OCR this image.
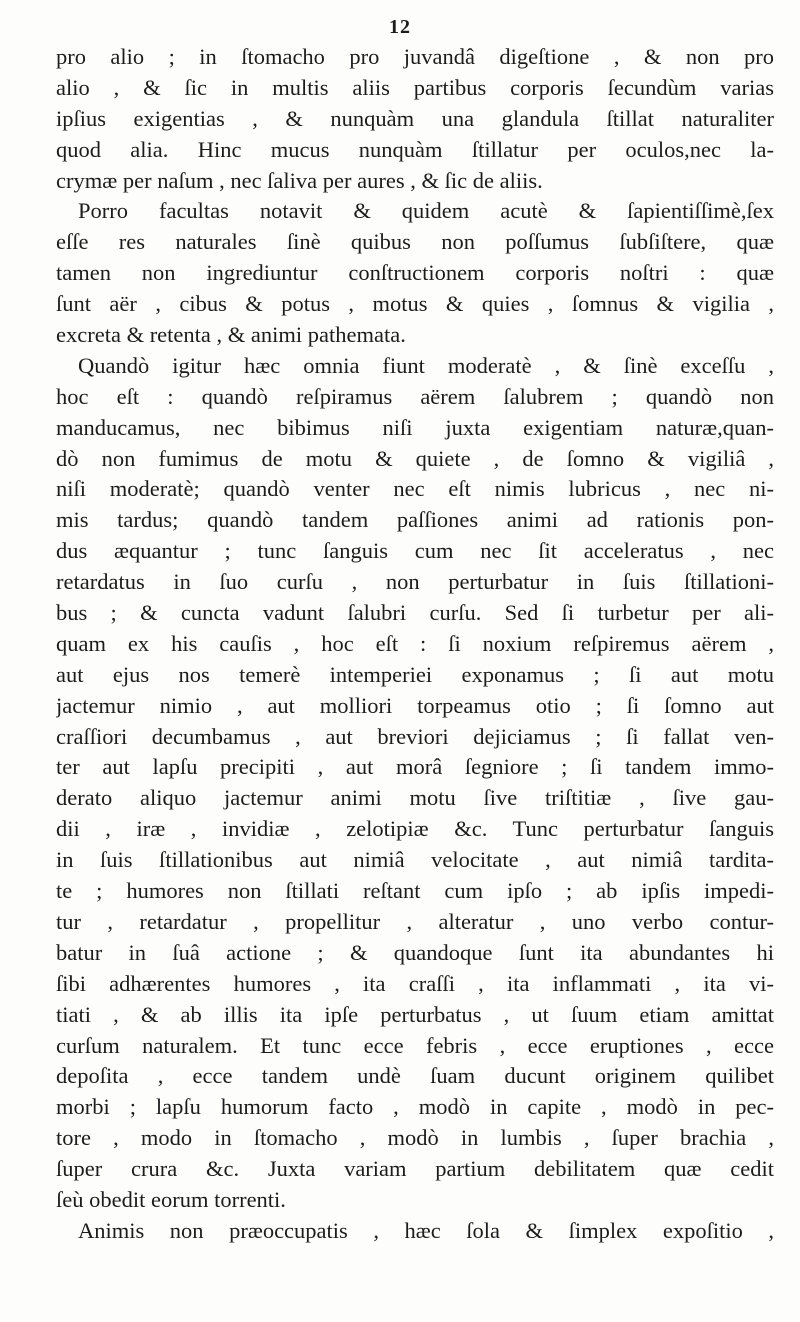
12
pro alio ; in ſtomacho pro juvandâ digeſtione , & non pro
alio , & ſic in multis aliis partibus corporis ſecundùm varias
ipſius exigentias , & nunquàm una glandula ſtillat naturaliter
quod alia. Hinc mucus nunquàm ſtillatur per oculos,nec la-
crymæ per naſum , nec ſaliva per aures , & ſic de aliis.
Porro facultas notavit & quidem acutè & ſapientiſſimè,ſex
eſſe res naturales ſinè quibus non poſſumus ſubſiſtere, quæ
tamen non ingrediuntur conſtructionem corporis noſtri : quæ
ſunt aër , cibus & potus , motus & quies , ſomnus & vigilia ,
excreta & retenta , & animi pathemata.
Quandò igitur hæc omnia fiunt moderatè , & ſinè exceſſu ,
hoc eſt : quandò reſpiramus aërem ſalubrem ; quandò non
manducamus, nec bibimus niſi juxta exigentiam naturæ,quan-
dò non fumimus de motu & quiete , de ſomno & vigiliâ ,
niſi moderatè; quandò venter nec eſt nimis lubricus , nec ni-
mis tardus; quandò tandem paſſiones animi ad rationis pon-
dus æquantur ; tunc ſanguis cum nec ſit acceleratus , nec
retardatus in ſuo curſu , non perturbatur in ſuis ſtillationi-
bus ; & cuncta vadunt ſalubri curſu. Sed ſi turbetur per ali-
quam ex his cauſis , hoc eſt : ſi noxium reſpiremus aërem ,
aut ejus nos temerè intemperiei exponamus ; ſi aut motu
jactemur nimio , aut molliori torpeamus otio ; ſi ſomno aut
craſſiori decumbamus , aut breviori dejiciamus ; ſi fallat ven-
ter aut lapſu precipiti , aut morâ ſegniore ; ſi tandem immo-
derato aliquo jactemur animi motu ſive triſtitiæ , ſive gau-
dii , iræ , invidiæ , zelotipiæ &c. Tunc perturbatur ſanguis
in ſuis ſtillationibus aut nimiâ velocitate , aut nimiâ tardita-
te ; humores non ſtillati reſtant cum ipſo ; ab ipſis impedi-
tur , retardatur , propellitur , alteratur , uno verbo contur-
batur in ſuâ actione ; & quandoque ſunt ita abundantes hi
ſibi adhærentes humores , ita craſſi , ita inflammati , ita vi-
tiati , & ab illis ita ipſe perturbatus , ut ſuum etiam amittat
curſum naturalem. Et tunc ecce febris , ecce eruptiones , ecce
depoſita , ecce tandem undè ſuam ducunt originem quilibet
morbi ; lapſu humorum facto , modò in capite , modò in pec-
tore , modo in ſtomacho , modò in lumbis , ſuper brachia ,
ſuper crura &c. Juxta variam partium debilitatem quæ cedit
ſeù obedit eorum torrenti.
Animis non præoccupatis , hæc ſola & ſimplex expoſitio ,
